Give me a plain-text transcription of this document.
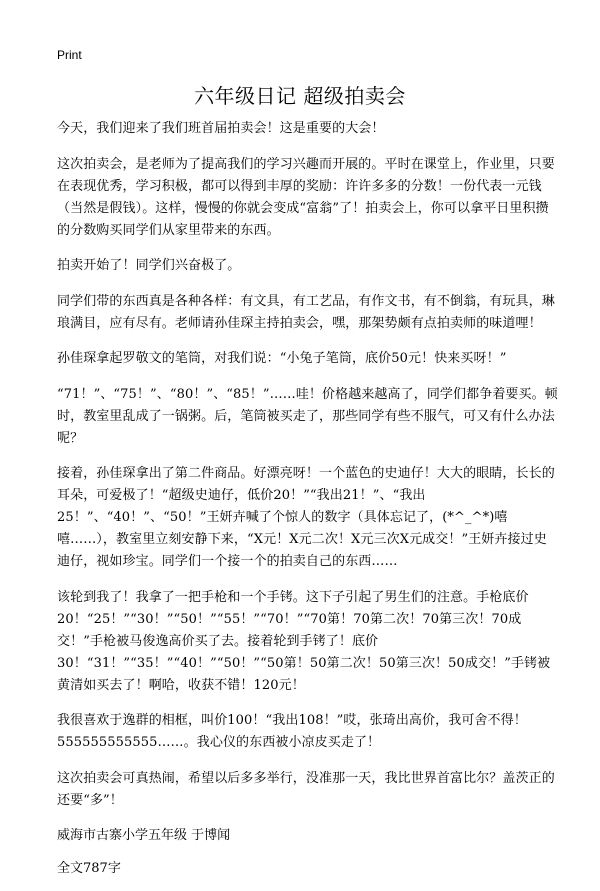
Print
六年级日记 超级拍卖会

今天，我们迎来了我们班首届拍卖会！这是重要的大会！

这次拍卖会，是老师为了提高我们的学习兴趣而开展的。平时在课堂上，作业里，只要在表现优秀，学习积极，都可以得到丰厚的奖励：许许多多的分数！一份代表一元钱（当然是假钱）。这样，慢慢的你就会变成“富翁”了！拍卖会上，你可以拿平日里积攒的分数购买同学们从家里带来的东西。

拍卖开始了！同学们兴奋极了。

同学们带的东西真是各种各样：有文具，有工艺品，有作文书，有不倒翁，有玩具，琳琅满目，应有尽有。老师请孙佳琛主持拍卖会，嘿，那架势颇有点拍卖师的味道哩！

孙佳琛拿起罗敬文的笔筒，对我们说：“小兔子笔筒，底价50元！快来买呀！”

“71！”、“75！”、“80！”、“85！”……哇！价格越来越高了，同学们都争着要买。顿时，教室里乱成了一锅粥。后，笔筒被买走了，那些同学有些不服气，可又有什么办法呢？

接着，孙佳琛拿出了第二件商品。好漂亮呀！一个蓝色的史迪仔！大大的眼睛，长长的耳朵，可爱极了！“超级史迪仔，低价20！”“我出21！”、“我出25！”、“40！”、“50！”王妍卉喊了个惊人的数字（具体忘记了，(*^_^*)嘻嘻……），教室里立刻安静下来，“X元！X元二次！X元三次X元成交！”王妍卉接过史迪仔，视如珍宝。同学们一个接一个的拍卖自己的东西……

该轮到我了！我拿了一把手枪和一个手铐。这下子引起了男生们的注意。手枪底价20！“25！”“30！”“50！”“55！”“70！”“70第！70第二次！70第三次！70成交！”手枪被马俊逸高价买了去。接着轮到手铐了！底价30！“31！”“35！”“40！”“50！”“50第！50第二次！50第三次！50成交！”手铐被黄清如买去了！啊哈，收获不错！120元！

我很喜欢于逸群的相框，叫价100！“我出108！”哎，张琦出高价，我可舍不得！555555555555……。我心仪的东西被小凉皮买走了！

这次拍卖会可真热闹，希望以后多多举行，没准那一天，我比世界首富比尔？盖茨正的还要“多”！

威海市古寨小学五年级 于博闻
全文787字
